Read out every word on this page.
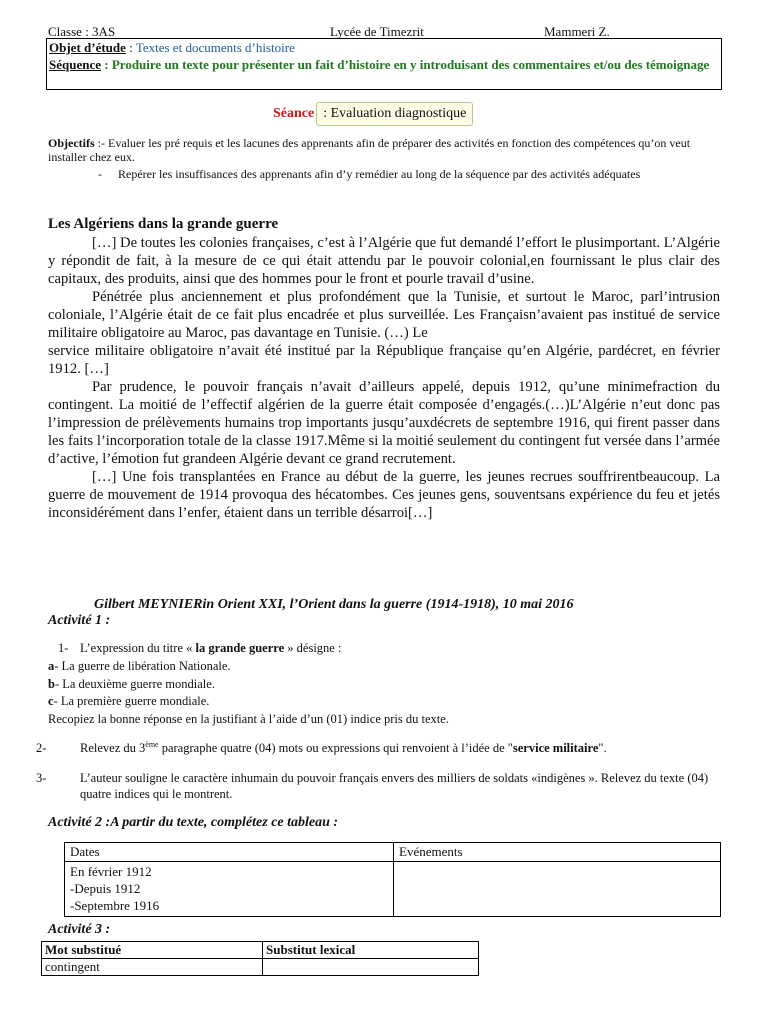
Classe : 3AS	Lycée de Timezrit	Mammeri Z.
Objet d’étude : Textes et documents d’histoire
Séquence : Produire un texte pour présenter un fait d’histoire en y introduisant des commentaires et/ou des témoignage
Séance: Evaluation diagnostique
Objectifs :- Evaluer les pré requis et les lacunes des apprenants afin de préparer des activités en fonction des compétences qu’on veut installer chez eux.
- Repérer les insuffisances des apprenants afin d’y remédier au long de la séquence par des activités adéquates
Les Algériens dans la grande guerre

[…] De toutes les colonies françaises, c’est à l’Algérie que fut demandé l’effort le plusimportant. L’Algérie y répondit de fait, à la mesure de ce qui était attendu par le pouvoir colonial,en fournissant le plus clair des capitaux, des produits, ainsi que des hommes pour le front et pourle travail d’usine.

Pénétrée plus anciennement et plus profondément que la Tunisie, et surtout le Maroc, parl’intrusion coloniale, l’Algérie était de ce fait plus encadrée et plus surveillée. Les Françaisn’avaient pas institué de service militaire obligatoire au Maroc, pas davantage en Tunisie. (…) Le

service militaire obligatoire n’avait été institué par la République française qu’en Algérie, pardécret, en février 1912. […]

Par prudence, le pouvoir français n’avait d’ailleurs appelé, depuis 1912, qu’une minimefraction du contingent. La moitié de l’effectif algérien de la guerre était composée d’engagés.(…)L’Algérie n’eut donc pas l’impression de prélèvements humains trop importants jusqu’auxdécrets de septembre 1916, qui firent passer dans les faits l’incorporation totale de la classe 1917.Même si la moitié seulement du contingent fut versée dans l’armée d’active, l’émotion fut grandeen Algérie devant ce grand recrutement.

[…] Une fois transplantées en France au début de la guerre, les jeunes recrues souffrirentbeaucoup. La guerre de mouvement de 1914 provoqua des hécatombes. Ces jeunes gens, souventsans expérience du feu et jetés inconsidérément dans l’enfer, étaient dans un terrible désarroi[…]

Gilbert MEYNIERin Orient XXI, l’Orient dans la guerre (1914-1918), 10 mai 2016
Activité 1 :
1- L’expression du titre « la grande guerre » désigne :
a- La guerre de libération Nationale.
b- La deuxième guerre mondiale.
c- La première guerre mondiale.
Recopiez la bonne réponse en la justifiant à l’aide d’un (01) indice pris du texte.
2-	Relevez du 3ème paragraphe quatre (04) mots ou expressions qui renvoient à l’idée de "service militaire".
3-	L’auteur souligne le caractère inhumain du pouvoir français envers des milliers de soldats «indigènes ». Relevez du texte (04) quatre indices qui le montrent.
Activité 2 :A partir du texte, complétez ce tableau :
Dates	Evénements

En février 1912
-Depuis 1912
-Septembre 1916	

Activité 3 :
Mot substitué	Substitut lexical
contingent	
